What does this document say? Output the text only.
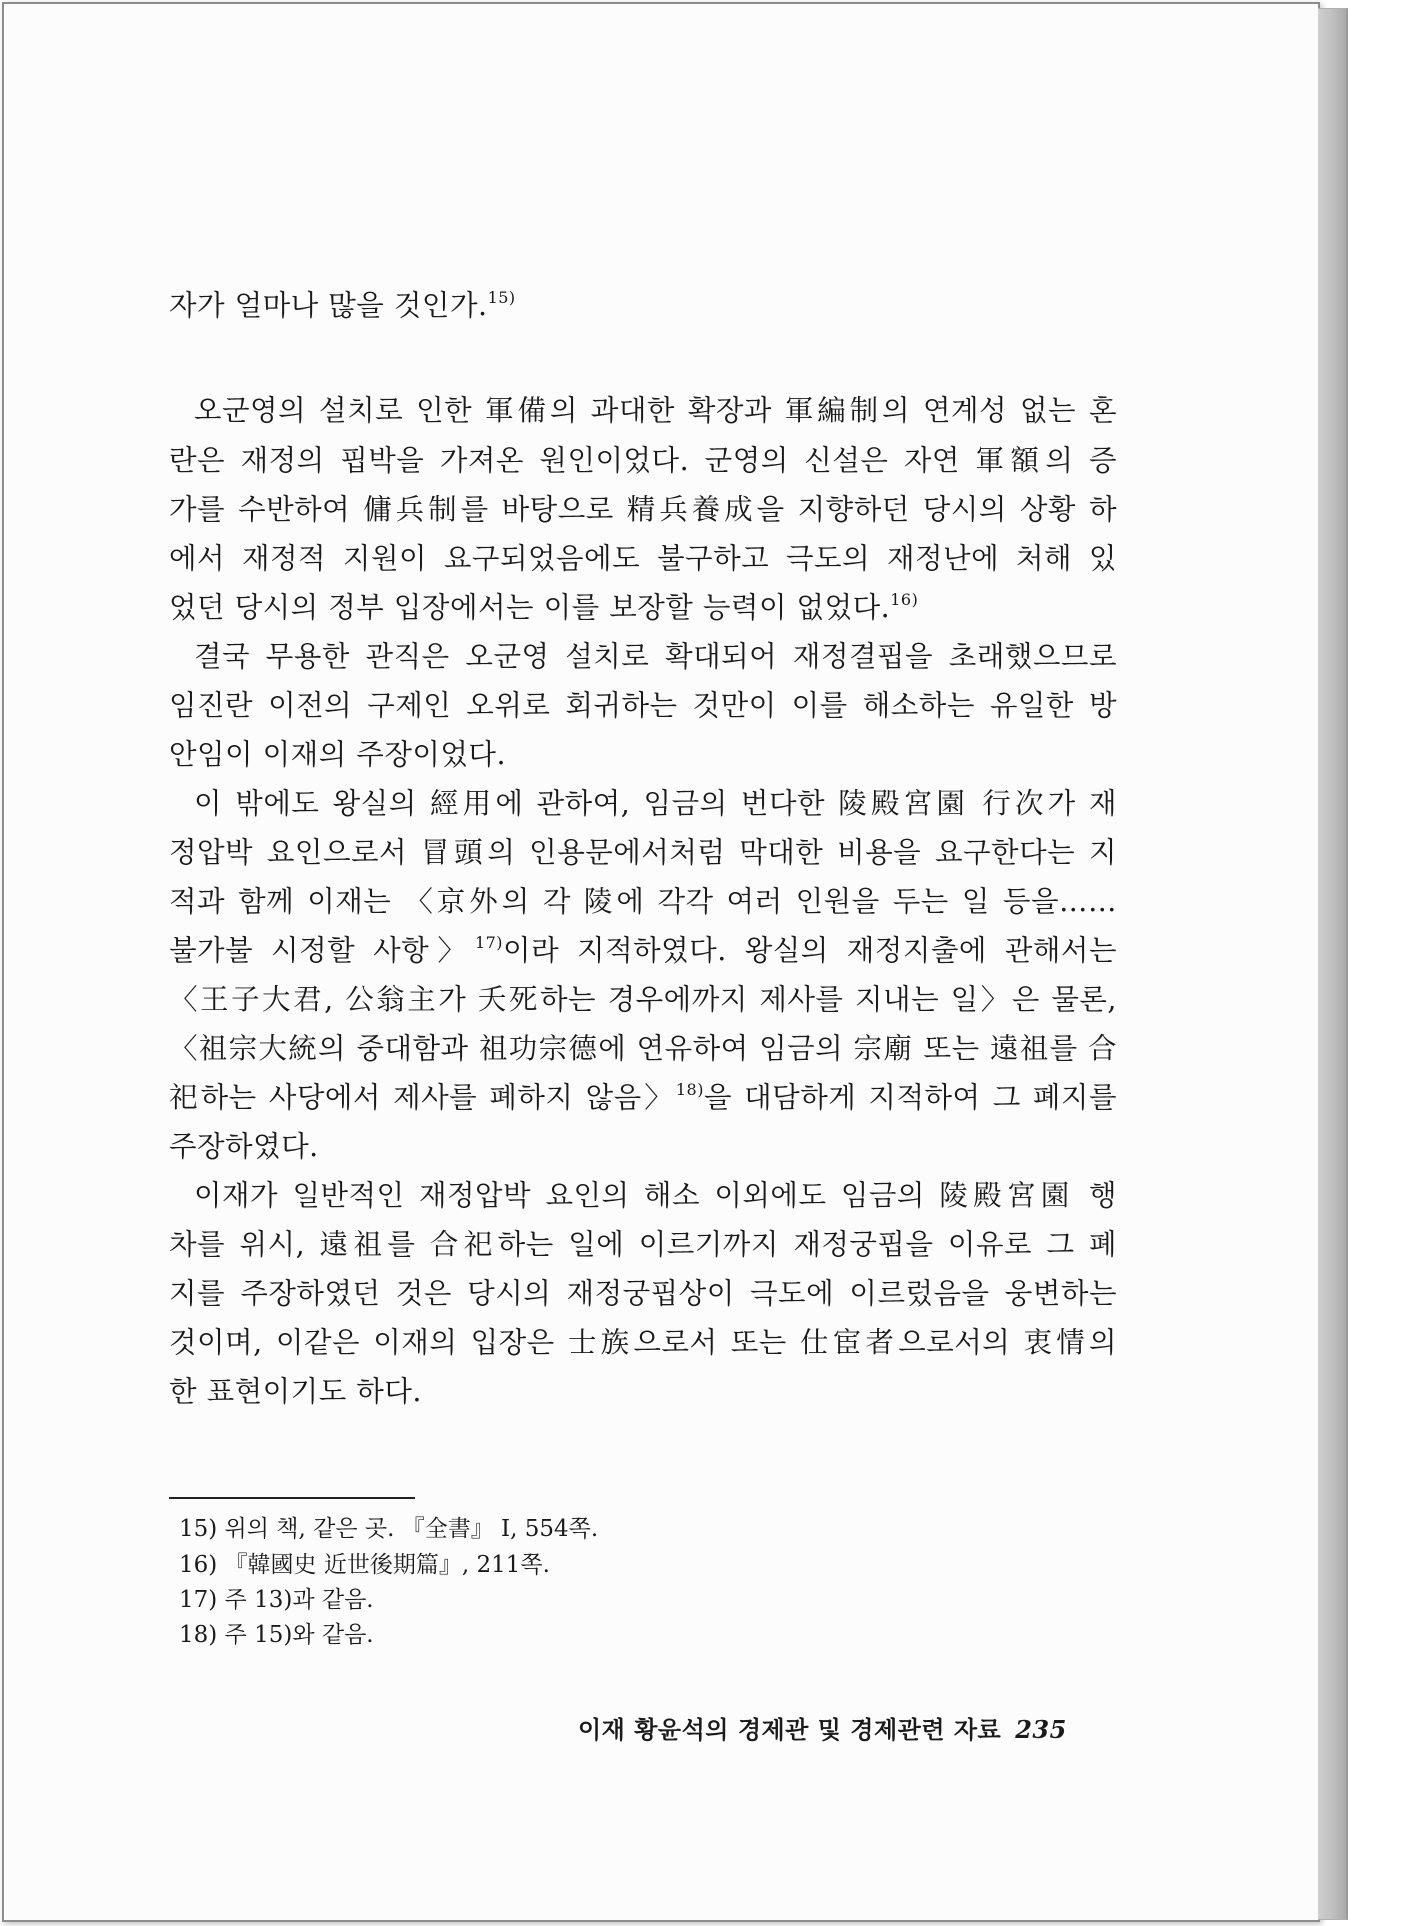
자가 얼마나 많을 것인가.$^{15)}$
오군영의 설치로 인한 軍備의 과대한 확장과 軍編制의 연계성 없는 혼
란은 재정의 핍박을 가져온 원인이었다. 군영의 신설은 자연 軍額의 증
가를 수반하여 傭兵制를 바탕으로 精兵養成을 지향하던 당시의 상황 하
에서 재정적 지원이 요구되었음에도 불구하고 극도의 재정난에 처해 있
었던 당시의 정부 입장에서는 이를 보장할 능력이 없었다.$^{16)}$
결국 무용한 관직은 오군영 설치로 확대되어 재정결핍을 초래했으므로
임진란 이전의 구제인 오위로 회귀하는 것만이 이를 해소하는 유일한 방
안임이 이재의 주장이었다.
이 밖에도 왕실의 經用에 관하여, 임금의 번다한 陵殿宮園 行次가 재
정압박 요인으로서 冒頭의 인용문에서처럼 막대한 비용을 요구한다는 지
적과 함께 이재는 〈京外의 각 陵에 각각 여러 인원을 두는 일 등을……
불가불 시정할 사항〉$^{17)}$이라 지적하였다. 왕실의 재정지출에 관해서는
〈王子大君, 公翁主가 夭死하는 경우에까지 제사를 지내는 일〉은 물론,
〈祖宗大統의 중대함과 祖功宗德에 연유하여 임금의 宗廟 또는 遠祖를 合
祀하는 사당에서 제사를 폐하지 않음〉$^{18)}$을 대담하게 지적하여 그 폐지를
주장하였다.
이재가 일반적인 재정압박 요인의 해소 이외에도 임금의 陵殿宮園 행
차를 위시, 遠祖를 合祀하는 일에 이르기까지 재정궁핍을 이유로 그 폐
지를 주장하였던 것은 당시의 재정궁핍상이 극도에 이르렀음을 웅변하는
것이며, 이같은 이재의 입장은 士族으로서 또는 仕宦者으로서의 衷情의
한 표현이기도 하다.
15) 위의 책, 같은 곳. 『全書』 I, 554쪽.
16) 『韓國史 近世後期篇』, 211쪽.
17) 주 13)과 같음.
18) 주 15)와 같음.
이재 황윤석의 경제관 및 경제관련 자료 235
